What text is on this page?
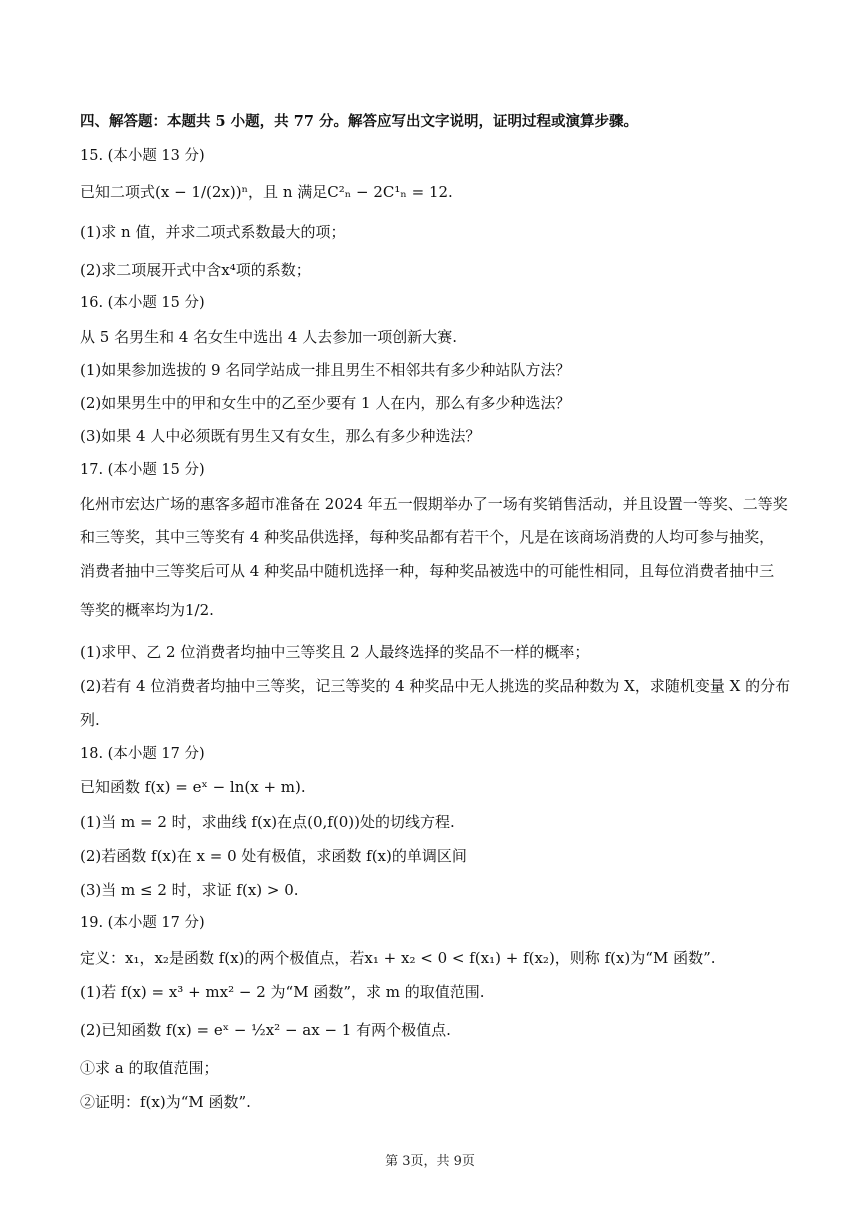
四、解答题：本题共 5 小题，共 77 分。解答应写出文字说明，证明过程或演算步骤。
15. (本小题 13 分)
已知二项式(x − 1/(2x))ⁿ，且 n 满足C²ₙ − 2C¹ₙ = 12.
(1)求 n 值，并求二项式系数最大的项；
(2)求二项展开式中含x⁴项的系数；
16. (本小题 15 分)
从 5 名男生和 4 名女生中选出 4 人去参加一项创新大赛.
(1)如果参加选拔的 9 名同学站成一排且男生不相邻共有多少种站队方法？
(2)如果男生中的甲和女生中的乙至少要有 1 人在内，那么有多少种选法？
(3)如果 4 人中必须既有男生又有女生，那么有多少种选法？
17. (本小题 15 分)
化州市宏达广场的惠客多超市准备在 2024 年五一假期举办了一场有奖销售活动，并且设置一等奖、二等奖
和三等奖，其中三等奖有 4 种奖品供选择，每种奖品都有若干个，凡是在该商场消费的人均可参与抽奖，
消费者抽中三等奖后可从 4 种奖品中随机选择一种，每种奖品被选中的可能性相同，且每位消费者抽中三
等奖的概率均为1/2.
(1)求甲、乙 2 位消费者均抽中三等奖且 2 人最终选择的奖品不一样的概率；
(2)若有 4 位消费者均抽中三等奖，记三等奖的 4 种奖品中无人挑选的奖品种数为 X，求随机变量 X 的分布
列.
18. (本小题 17 分)
已知函数 f(x) = eˣ − ln(x + m).
(1)当 m = 2 时，求曲线 f(x)在点(0,f(0))处的切线方程.
(2)若函数 f(x)在 x = 0 处有极值，求函数 f(x)的单调区间
(3)当 m ≤ 2 时，求证 f(x) > 0.
19. (本小题 17 分)
定义：x₁，x₂是函数 f(x)的两个极值点，若x₁ + x₂ < 0 < f(x₁) + f(x₂)，则称 f(x)为“M 函数”.
(1)若 f(x) = x³ + mx² − 2 为“M 函数”，求 m 的取值范围.
(2)已知函数 f(x) = eˣ − ½x² − ax − 1 有两个极值点.
①求 a 的取值范围；
②证明：f(x)为“M 函数”.
第 3页，共 9页
